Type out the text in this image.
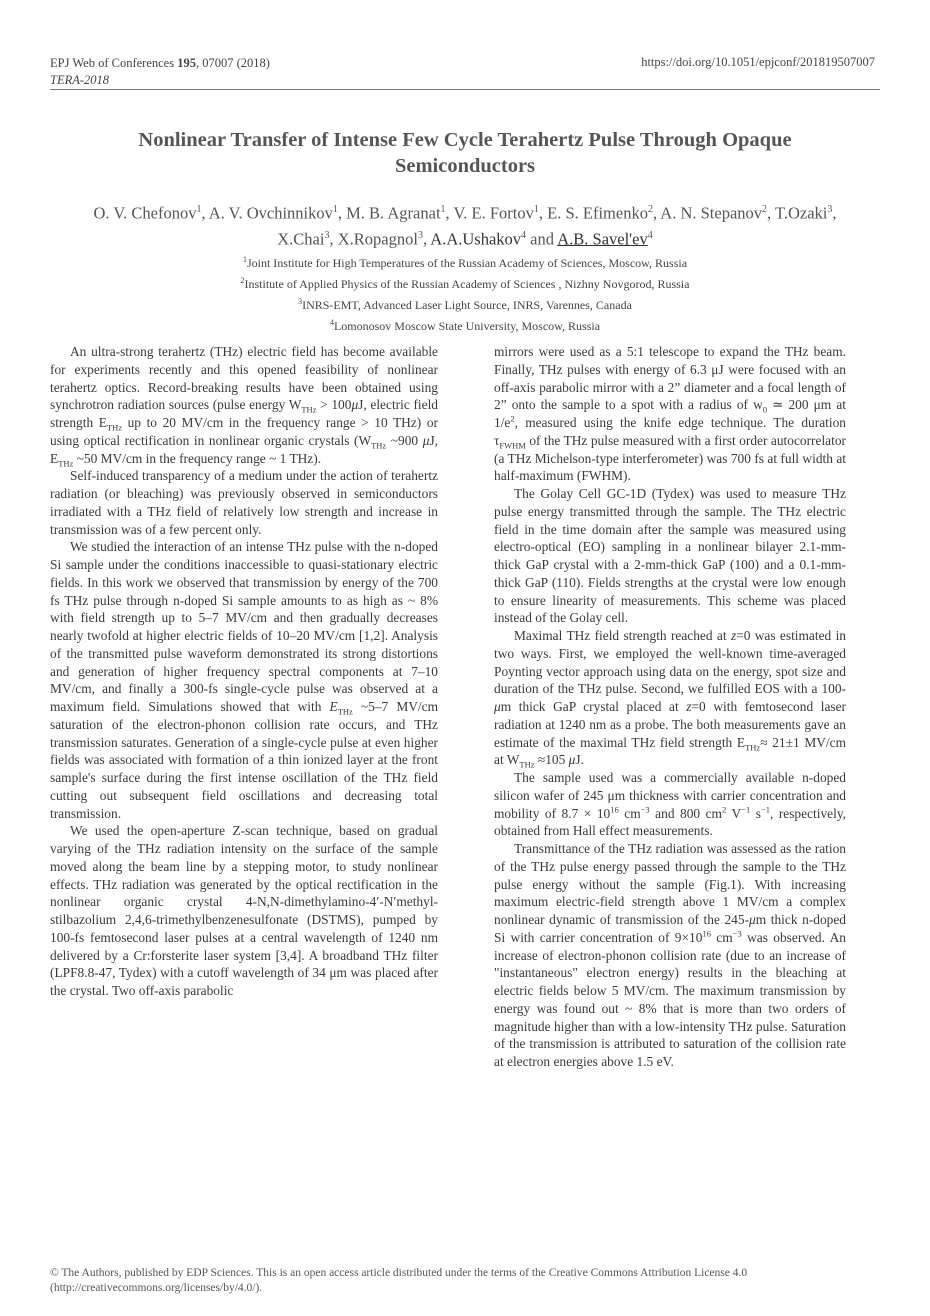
EPJ Web of Conferences 195, 07007 (2018)
TERA-2018
https://doi.org/10.1051/epjconf/201819507007
Nonlinear Transfer of Intense Few Cycle Terahertz Pulse Through Opaque
Semiconductors
O. V. Chefonov$^1$, A. V. Ovchinnikov$^1$, M. B. Agranat$^1$, V. E. Fortov$^1$, E. S. Efimenko$^2$, A. N. Stepanov$^2$, T.Ozaki$^3$, X.Chai$^3$, X.Ropagnol$^3$, A.A.Ushakov$^4$ and A.B. $Savel'ev^4$
$^1$Joint Institute for High Temperatures of the Russian Academy of Sciences, Moscow, Russia
$^2$Institute of Applied Physics of the Russian Academy of Sciences , Nizhny Novgorod, Russia
$^3$INRS-EMT, Advanced Laser Light Source, INRS, Varennes, Canada
$^4$Lomonosov Moscow State University, Moscow, Russia

An ultra-strong terahertz (THz) electric field has become available for experiments recently and this opened feasibility of nonlinear terahertz optics. Record-breaking results have been obtained using synchrotron radiation sources (pulse energy $W_{THz} > 100\mu J$, electric field strength $E_{THz}$ up to 20 MV/cm in the frequency range > 10 THz) or using optical rectification in nonlinear organic crystals ($W_{THz}$ ~900 μJ, $E_{THz}$ ~50 MV/cm in the frequency range ~ 1 THz).

Self-induced transparency of a medium under the action of terahertz radiation (or bleaching) was previously observed in semiconductors irradiated with a THz field of relatively low strength and increase in transmission was of a few percent only.

We studied the interaction of an intense THz pulse with the n-doped Si sample under the conditions inaccessible to quasi-stationary electric fields. In this work we observed that transmission by energy of the 700 fs THz pulse through n-doped Si sample amounts to as high as ~ 8% with field strength up to 5–7 MV/cm and then gradually decreases nearly twofold at higher electric fields of 10–20 MV/cm [1,2]. Analysis of the transmitted pulse waveform demonstrated its strong distortions and generation of higher frequency spectral components at 7–10 MV/cm, and finally a 300-fs single-cycle pulse was observed at a maximum field. Simulations showed that with $E_{THz}$ ~5–7 MV/cm saturation of the electron-phonon collision rate occurs, and THz transmission saturates. Generation of a single-cycle pulse at even higher fields was associated with formation of a thin ionized layer at the front sample's surface during the first intense oscillation of the THz field cutting out subsequent field oscillations and decreasing total transmission.

We used the open-aperture Z-scan technique, based on gradual varying of the THz radiation intensity on the surface of the sample moved along the beam line by a stepping motor, to study nonlinear effects. THz radiation was generated by the optical rectification in the nonlinear organic crystal 4-N,N-dimethylamino-4′-N′methyl-stilbazolium 2,4,6-trimethylbenzenesulfonate (DSTMS), pumped by 100-fs femtosecond laser pulses at a central wavelength of 1240 nm delivered by a Cr:forsterite laser system [3,4]. A broadband THz filter (LPF8.8-47, Tydex) with a cutoff wavelength of 34 μm was placed after the crystal. Two off-axis parabolic

mirrors were used as a 5:1 telescope to expand the THz beam. Finally, THz pulses with energy of 6.3 μJ were focused with an off-axis parabolic mirror with a 2” diameter and a focal length of 2” onto the sample to a spot with a radius of $w_0$ ≃ 200 μm at $1/e^2$, measured using the knife edge technique. The duration $\tau_{FWHM}$ of the THz pulse measured with a first order autocorrelator (a THz Michelson-type interferometer) was 700 fs at full width at half-maximum (FWHM).

The Golay Cell GC-1D (Tydex) was used to measure THz pulse energy transmitted through the sample. The THz electric field in the time domain after the sample was measured using electro-optical (EO) sampling in a nonlinear bilayer 2.1-mm-thick GaP crystal with a 2-mm-thick GaP (100) and a 0.1-mm-thick GaP (110). Fields strengths at the crystal were low enough to ensure linearity of measurements. This scheme was placed instead of the Golay cell.

Maximal THz field strength reached at z=0 was estimated in two ways. First, we employed the well-known time-averaged Poynting vector approach using data on the energy, spot size and duration of the THz pulse. Second, we fulfilled EOS with a 100-μm thick GaP crystal placed at z=0 with femtosecond laser radiation at 1240 nm as a probe. The both measurements gave an estimate of the maximal THz field strength $E_{THz}\approx 21\pm 1$ MV/cm at $W_{THz} \approx 105$ μJ.

The sample used was a commercially available n-doped silicon wafer of 245 μm thickness with carrier concentration and mobility of $8.7 \times 10^{16}$ $cm^{-3}$ and 800 $cm^2$ $V^{-1}$ $s^{-1}$, respectively, obtained from Hall effect measurements.

Transmittance of the THz radiation was assessed as the ration of the THz pulse energy passed through the sample to the THz pulse energy without the sample (Fig.1). With increasing maximum electric-field strength above 1 MV/cm a complex nonlinear dynamic of transmission of the 245-μm thick n-doped Si with carrier concentration of $9\times 10^{16}$ $cm^{-3}$ was observed. An increase of electron-phonon collision rate (due to an increase of "instantaneous" electron energy) results in the bleaching at electric fields below 5 MV/cm. The maximum transmission by energy was found out ~ 8% that is more than two orders of magnitude higher than with a low-intensity THz pulse. Saturation of the transmission is attributed to saturation of the collision rate at electron energies above 1.5 eV.

© The Authors, published by EDP Sciences. This is an open access article distributed under the terms of the Creative Commons Attribution License 4.0
(http://creativecommons.org/licenses/by/4.0/).
